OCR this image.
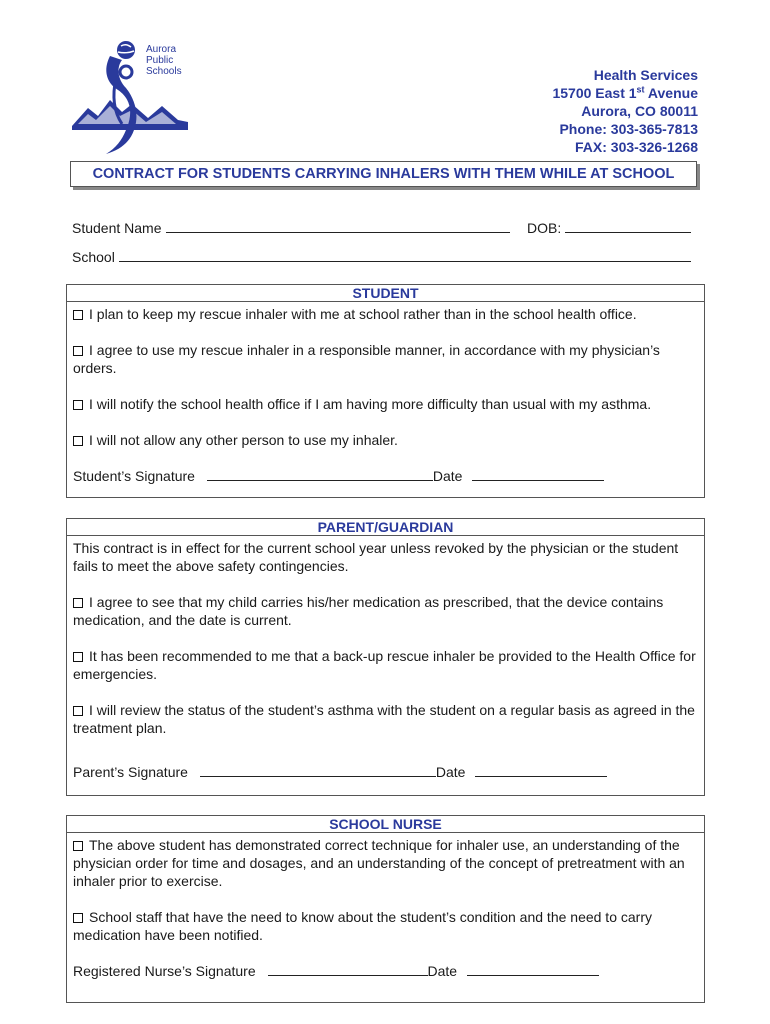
Aurora
Public
Schools	Health Services
15700 East 1st Avenue
Aurora, CO 80011
Phone: 303-365-7813
FAX: 303-326-1268
CONTRACT FOR STUDENTS CARRYING INHALERS WITH THEM WHILE AT SCHOOL
Student Name	DOB:
School
STUDENT

I plan to keep my rescue inhaler with me at school rather than in the school health office.

I agree to use my rescue inhaler in a responsible manner, in accordance with my physician’s orders.

I will notify the school health office if I am having more difficulty than usual with my asthma.

I will not allow any other person to use my inhaler.

Student’s Signature	Date
PARENT/GUARDIAN

This contract is in effect for the current school year unless revoked by the physician or the student fails to meet the above safety contingencies.

I agree to see that my child carries his/her medication as prescribed, that the device contains medication, and the date is current.

It has been recommended to me that a back-up rescue inhaler be provided to the Health Office for emergencies.

I will review the status of the student’s asthma with the student on a regular basis as agreed in the treatment plan.

Parent’s Signature	Date
SCHOOL NURSE

The above student has demonstrated correct technique for inhaler use, an understanding of the physician order for time and dosages, and an understanding of the concept of pretreatment with an inhaler prior to exercise.

School staff that have the need to know about the student’s condition and the need to carry medication have been notified.

Registered Nurse’s Signature	Date
